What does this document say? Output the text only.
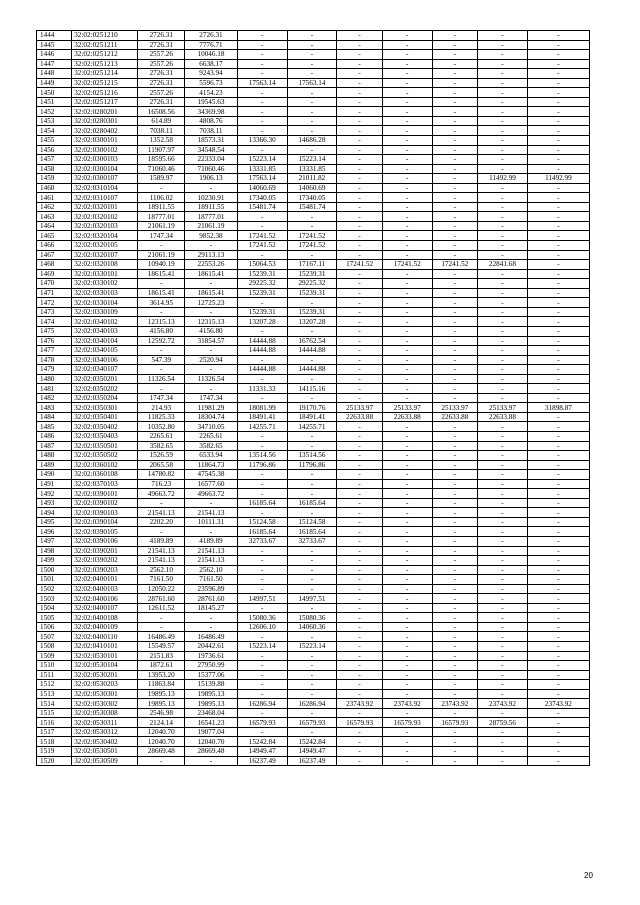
1444	32:02:0251210	2726.31	2726.31	-	-	-	-	-	-	-
1445	32:02:0251211	2726.31	7776.71	-	-	-	-	-	-	-
1446	32:02:0251212	2557.26	10046.18	-	-	-	-	-	-	-
1447	32:02:0251213	2557.26	6638.17	-	-	-	-	-	-	-
1448	32:02:0251214	2726.31	9243.94	-	-	-	-	-	-	-
1449	32:02:0251215	2726.31	5596.73	17563.14	17563.14	-	-	-	-	-
1450	32:02:0251216	2557.26	4154.23	-	-	-	-	-	-	-
1451	32:02:0251217	2726.31	19545.63	-	-	-	-	-	-	-
1452	32:02:0280201	16508.56	34369.98	-	-	-	-	-	-	-
1453	32:02:0280301	614.89	4808.76	-	-	-	-	-	-	-
1454	32:02:0280402	7038.11	7038.11	-	-	-	-	-	-	-
1455	32:02:0300101	1352.58	18573.31	13366.30	14686.28	-	-	-	-	-
1456	32:02:0300102	11907.97	34548.54	-	-	-	-	-	-	-
1457	32:02:0300103	18595.66	22333.04	15223.14	15223.14	-	-	-	-	-
1458	32:02:0300104	71060.46	71060.46	13331.85	13331.85	-	-	-	-	-
1459	32:02:0300107	1589.97	1906.13	17563.14	21011.82	-	-	-	11492.99	11492.99
1460	32:02:0310104	-	-	14060.69	14060.69	-	-	-	-	-
1461	32:02:0310107	1106.02	10230.91	17340.05	17340.05	-	-	-	-	-
1462	32:02:0320101	18911.55	18911.55	15481.74	15481.74	-	-	-	-	-
1463	32:02:0320102	18777.01	18777.01	-	-	-	-	-	-	-
1464	32:02:0320103	21061.19	21061.19	-	-	-	-	-	-	-
1465	32:02:0320104	1747.34	9852.38	17241.52	17241.52	-	-	-	-	-
1466	32:02:0320105	-	-	17241.52	17241.52	-	-	-	-	-
1467	32:02:0320107	21061.19	29113.13	-	-	-	-	-	-	-
1468	32:02:0320108	10940.19	22553.26	15064.53	17167.11	17241.52	17241.52	17241.52	22841.68	-
1469	32:02:0330101	18615.41	18615.41	15239.31	15239.31	-	-	-	-	-
1470	32:02:0330102	-	-	29225.32	29225.32	-	-	-	-	-
1471	32:02:0330103	18615.41	18615.41	15239.31	15239.31	-	-	-	-	-
1472	32:02:0330104	3614.95	12725.23	-	-	-	-	-	-	-
1473	32:02:0330109	-	-	15239.31	15239.31	-	-	-	-	-
1474	32:02:0340102	12315.13	12315.13	13207.28	13207.28	-	-	-	-	-
1475	32:02:0340103	4156.80	4156.80	-	-	-	-	-	-	-
1476	32:02:0340104	12592.72	31854.57	14444.88	16762.54	-	-	-	-	-
1477	32:02:0340105	-	-	14444.88	14444.88	-	-	-	-	-
1478	32:02:0340106	547.39	2520.94	-	-	-	-	-	-	-
1479	32:02:0340107	-	-	14444.88	14444.88	-	-	-	-	-
1480	32:02:0350201	11326.54	11326.54	-	-	-	-	-	-	-
1481	32:02:0350202	-	-	11331.33	14115.16	-	-	-	-	-
1482	32:02:0350204	1747.34	1747.34	-	-	-	-	-	-	-
1483	32:02:0350301	214.93	11981.29	18081.99	19170.76	25133.97	25133.97	25133.97	25133.97	31898.87
1484	32:02:0350401	11825.33	18304.74	18491.41	18491.41	22633.88	22633.88	22633.88	22633.88	-
1485	32:02:0350402	10352.80	34710.05	14255.71	14255.71	-	-	-	-	-
1486	32:02:0350403	2265.61	2265.61	-	-	-	-	-	-	-
1487	32:02:0350501	3582.65	3582.65	-	-	-	-	-	-	-
1488	32:02:0350502	1526.59	6533.94	13514.56	13514.56	-	-	-	-	-
1489	32:02:0360102	2065.58	11864.73	11796.86	11796.86	-	-	-	-	-
1490	32:02:0360108	14780.82	47545.38	-	-	-	-	-	-	-
1491	32:02:0370103	716.23	16577.60	-	-	-	-	-	-	-
1492	32:02:0390101	49663.72	49663.72	-	-	-	-	-	-	-
1493	32:02:0390102	-	-	16185.64	16185.64	-	-	-	-	-
1494	32:02:0390103	21541.13	21541.13	-	-	-	-	-	-	-
1495	32:02:0390104	2202.20	10111.31	15124.58	15124.58	-	-	-	-	-
1496	32:02:0390105	-	-	16185.64	16185.64	-	-	-	-	-
1497	32:02:0390106	4189.89	4189.89	32733.67	32733.67	-	-	-	-	-
1498	32:02:0390201	21541.13	21541.13	-	-	-	-	-	-	-
1499	32:02:0390202	21541.13	21541.13	-	-	-	-	-	-	-
1500	32:02:0390203	2562.10	2562.10	-	-	-	-	-	-	-
1501	32:02:0400101	7161.50	7161.50	-	-	-	-	-	-	-
1502	32:02:0400103	12050.22	23596.89	-	-	-	-	-	-	-
1503	32:02:0400106	28761.60	28761.60	14997.51	14997.51	-	-	-	-	-
1504	32:02:0400107	12611.52	18145.27	-	-	-	-	-	-	-
1505	32:02:0400108	-	-	15080.36	15080.36	-	-	-	-	-
1506	32:02:0400109	-	-	12606.10	14060.36	-	-	-	-	-
1507	32:02:0400110	16486.49	16486.49	-	-	-	-	-	-	-
1508	32:02:0410101	15549.57	20442.61	15223.14	15223.14	-	-	-	-	-
1509	32:02:0530101	2151.83	19736.61	-	-	-	-	-	-	-
1510	32:02:0530104	1872.61	27950.99	-	-	-	-	-	-	-
1511	32:02:0530201	13953.20	15377.06	-	-	-	-	-	-	-
1512	32:02:0530203	11863.84	15139.88	-	-	-	-	-	-	-
1513	32:02:0530301	19895.13	19895.13	-	-	-	-	-	-	-
1514	32:02:0530302	19895.13	19895.13	16286.94	16286.94	23743.92	23743.92	23743.92	23743.92	23743.92
1515	32:02:0530308	2546.98	23468.04	-	-	-	-	-	-	-
1516	32:02:0530311	2124.14	16541.23	16579.93	16579.93	16579.93	16579.93	16579.93	28759.56	-
1517	32:02:0530312	12040.70	19077.04	-	-	-	-	-	-	-
1518	32:02:0530402	12040.70	12040.70	15242.84	15242.84	-	-	-	-	-
1519	32:02:0530501	28669.48	28669.48	14949.47	14949.47	-	-	-	-	-
1520	32:02:0530509	-	-	16237.49	16237.49	-	-	-	-	-
20
